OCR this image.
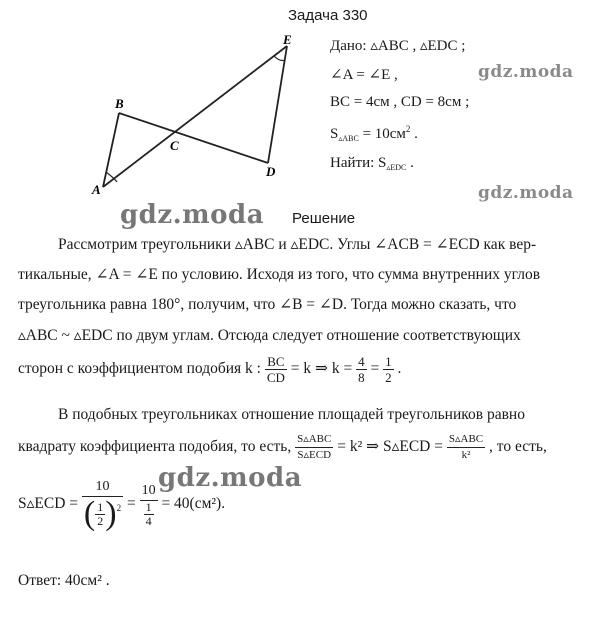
Задача 330
A
B
C
D
E	Дано: ▵ABC , ▵EDC ;
∠A = ∠E ,
BC = 4см , CD = 8см ;
$S_{▵ABC} = 10см^2$ .
Найти: $S_{▵EDC}$ .
gdz.moda
gdz.moda
gdz.moda
gdz.moda
Решение
Рассмотрим треугольники ▵ABC и ▵EDC. Углы ∠ACB = ∠ECD как вер-
тикальные, ∠A = ∠E по условию. Исходя из того, что сумма внутренних углов
треугольника равна 180°, получим, что ∠B = ∠D. Тогда можно сказать, что
▵ABC ~ ▵EDC по двум углам. Отсюда следует отношение соответствующих
сторон с коэффициентом подобия k : $\frac{BC}{CD} = k$ ⇒ $k = \frac{4}{8} = \frac{1}{2}$ .
В подобных треугольниках отношение площадей треугольников равно
квадрату коэффициента подобия, то есть, $\frac{\text{S▵ABC}}{\text{S▵ECD}} = k^2$ ⇒ S▵ECD = $\frac{\text{S▵ABC}}{\text{k²}}$ , то есть,
S▵ECD = $\frac{10}{( \frac{1}{2} )^2} = \frac{10}{\frac{1}{4}} = 40(см^2)$.
Ответ: 40см² .
